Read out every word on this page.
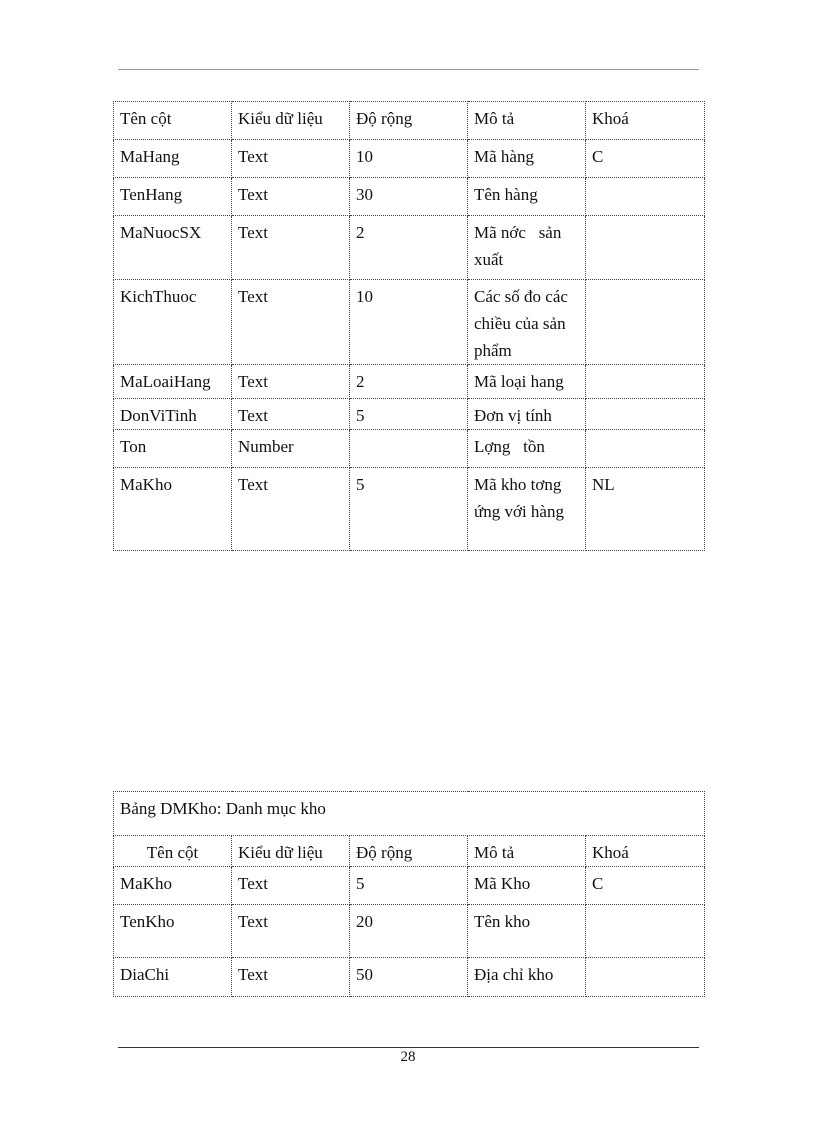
Tên cột	Kiểu dữ liệu	Độ rộng	Mô tả	Khoá
MaHang	Text	10	Mã hàng	C
TenHang	Text	30	Tên hàng	
MaNuocSX	Text	2	Mã nớc   sản xuất	
KichThuoc	Text	10	Các số đo các chiều của sản phẩm	
MaLoaiHang	Text	2	Mã loại hang	
DonViTinh	Text	5	Đơn vị tính	
Ton	Number		Lợng   tồn	
MaKho	Text	5	Mã kho tơng   ứng với hàng	NL
Bảng DMKho: Danh mục kho				
Tên cột	Kiểu dữ liệu	Độ rộng	Mô tả	Khoá
MaKho	Text	5	Mã Kho	C
TenKho	Text	20	Tên kho	
DiaChi	Text	50	Địa chỉ kho	
28
